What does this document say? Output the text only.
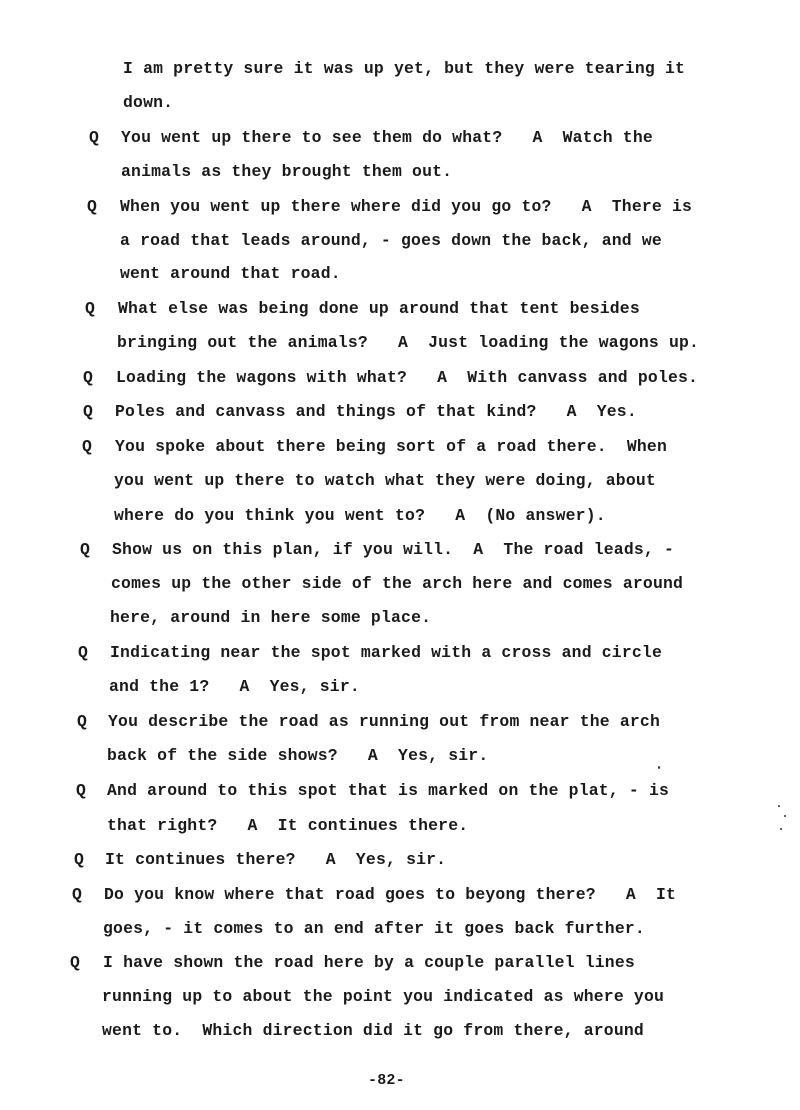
I am pretty sure it was up yet, but they were tearing it
down.
Q You went up there to see them do what?   A  Watch the
animals as they brought them out.
Q When you went up there where did you go to?   A  There is
a road that leads around, - goes down the back, and we
went around that road.
Q What else was being done up around that tent besides
bringing out the animals?   A  Just loading the wagons up.
Q Loading the wagons with what?   A  With canvass and poles.
Q Poles and canvass and things of that kind?   A  Yes.
Q You spoke about there being sort of a road there.  When
you went up there to watch what they were doing, about
where do you think you went to?   A  (No answer).
Q Show us on this plan, if you will.  A  The road leads, -
comes up the other side of the arch here and comes around
here, around in here some place.
Q Indicating near the spot marked with a cross and circle
and the 1?   A  Yes, sir.
Q You describe the road as running out from near the arch
back of the side shows?   A  Yes, sir.
Q And around to this spot that is marked on the plat, - is
that right?   A  It continues there.
Q It continues there?   A  Yes, sir.
Q Do you know where that road goes to beyong there?   A  It
goes, - it comes to an end after it goes back further.
Q I have shown the road here by a couple parallel lines
running up to about the point you indicated as where you
went to.  Which direction did it go from there, around
-82-
